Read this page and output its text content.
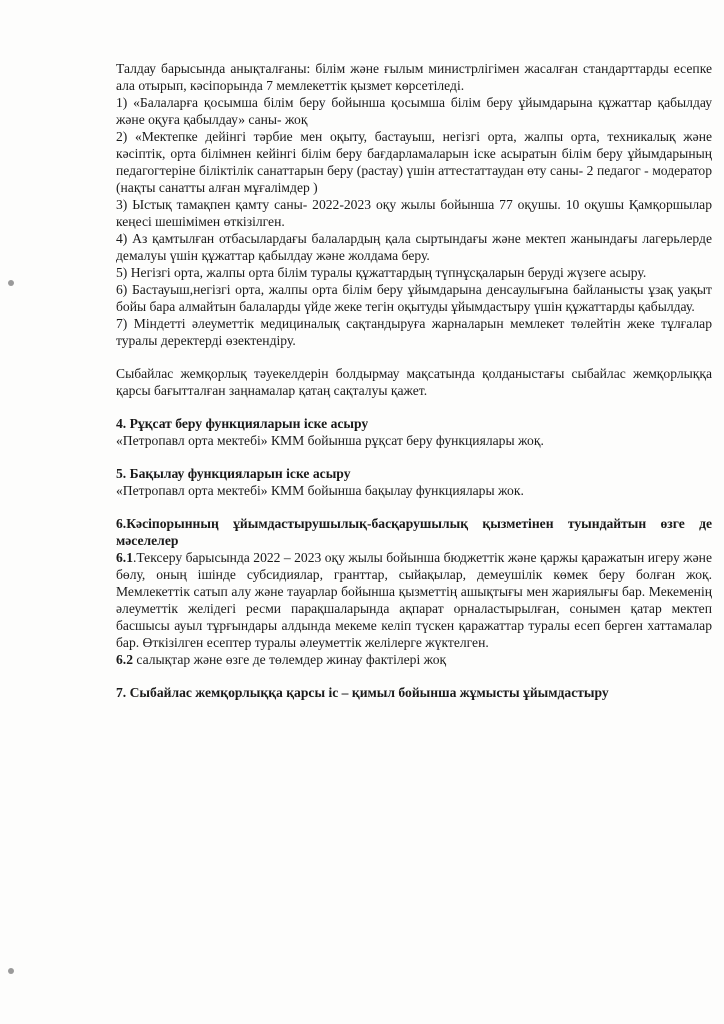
Талдау барысында анықталғаны: білім және ғылым министрлігімен жасалған стандарттарды есепке ала отырып, кәсіпорында 7 мемлекеттік қызмет көрсетіледі.

1) «Балаларға қосымша білім беру бойынша қосымша білім беру ұйымдарына құжаттар қабылдау және оқуға қабылдау» саны- жоқ

2) «Мектепке дейінгі тәрбие мен оқыту, бастауыш, негізгі орта, жалпы орта, техникалық және кәсіптік, орта білімнен кейінгі білім беру бағдарламаларын іске асыратын білім беру ұйымдарының педагогтеріне біліктілік санаттарын беру (растау) үшін аттестаттаудан өту саны- 2 педагог - модератор (нақты санатты алған мұғалімдер )

3) Ыстық тамақпен қамту саны- 2022-2023 оқу жылы бойынша 77 оқушы. 10 оқушы Қамқоршылар кеңесі шешімімен өткізілген.

4) Аз қамтылған отбасылардағы балалардың қала сыртындағы және мектеп жанындағы лагерьлерде демалуы үшін құжаттар қабылдау және жолдама беру.

5) Негізгі орта, жалпы орта білім туралы құжаттардың түпнұсқаларын беруді жүзеге асыру.

6) Бастауыш,негізгі орта, жалпы орта білім беру ұйымдарына денсаулығына байланысты ұзақ уақыт бойы бара алмайтын балаларды үйде жеке тегін оқытуды ұйымдастыру үшін құжаттарды қабылдау.

7) Міндетті әлеуметтік медициналық сақтандыруға жарналарын мемлекет төлейтін жеке тұлғалар туралы деректерді өзектендіру.

Сыбайлас жемқорлық тәуекелдерін болдырмау мақсатында қолданыстағы сыбайлас жемқорлыққа қарсы бағытталған заңнамалар қатаң сақталуы қажет.

4. Рұқсат беру функцияларын іске асыру

«Петропавл орта мектебі» КММ бойынша рұқсат беру функциялары жоқ.

5. Бақылау функцияларын іске асыру

«Петропавл орта мектебі» КММ бойынша бақылау функциялары жок.

6.Кәсіпорынның ұйымдастырушылық-басқарушылық қызметінен туындайтын өзге де мәселелер

6.1.Тексеру барысында 2022 – 2023 оқу жылы бойынша бюджеттік және қаржы қаражатын игеру және бөлу, оның ішінде субсидиялар, гранттар, сыйақылар, демеушілік көмек беру болған жоқ. Мемлекеттік сатып алу және тауарлар бойынша қызметтің ашықтығы мен жариялығы бар. Мекеменің әлеуметтік желідегі ресми парақшаларында ақпарат орналастырылған, сонымен қатар мектеп басшысы ауыл тұрғындары алдында мекеме келіп түскен қаражаттар туралы есеп берген хаттамалар бар. Өткізілген есептер туралы әлеуметтік желілерге жүктелген.

6.2 салықтар және өзге де төлемдер жинау фактілері жоқ

7. Сыбайлас жемқорлыққа қарсы іс – қимыл бойынша жұмысты ұйымдастыру
